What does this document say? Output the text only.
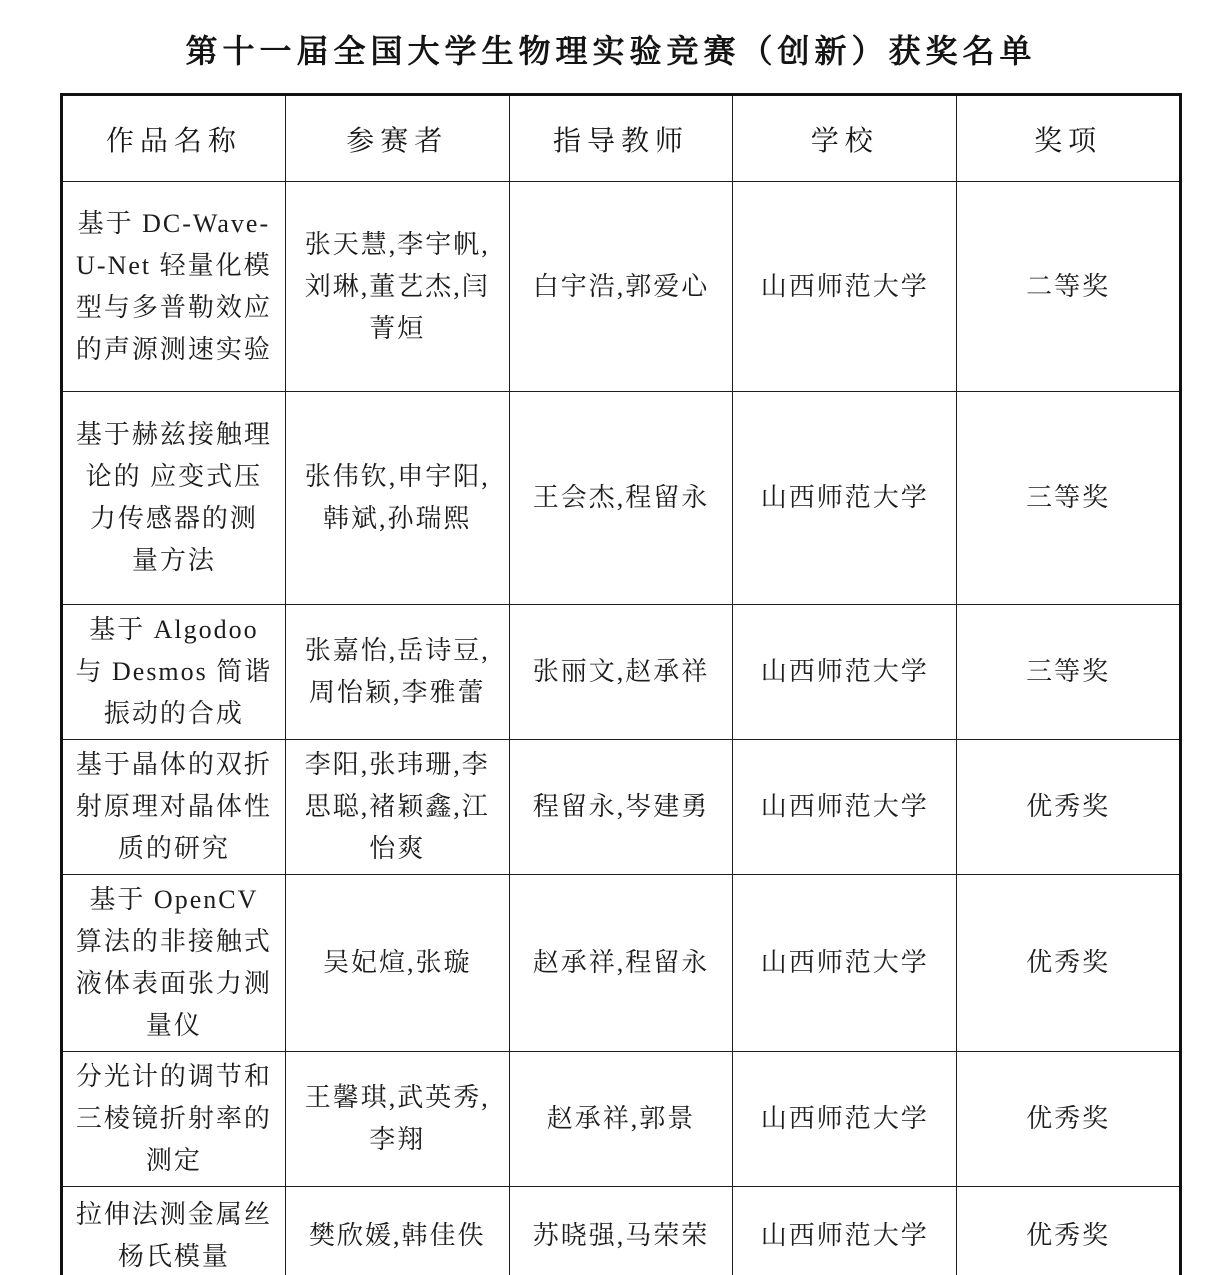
第十一届全国大学生物理实验竞赛（创新）获奖名单
作品名称	参赛者	指导教师	学校	奖项
基于 DC-Wave-U-Net 轻量化模型与多普勒效应的声源测速实验	张天慧,李宇帆,刘琳,董艺杰,闫菁烜	白宇浩,郭爱心	山西师范大学	二等奖
基于赫兹接触理论的 应变式压力传感器的测 量方法	张伟钦,申宇阳,韩斌,孙瑞熙	王会杰,程留永	山西师范大学	三等奖
基于 Algodoo 与 Desmos 简谐振动的合成	张嘉怡,岳诗豆,周怡颖,李雅蕾	张丽文,赵承祥	山西师范大学	三等奖
基于晶体的双折射原理对晶体性质的研究	李阳,张玮珊,李思聪,褚颖鑫,江怡爽	程留永,岑建勇	山西师范大学	优秀奖
基于 OpenCV 算法的非接触式液体表面张力测量仪	吴妃煊,张璇	赵承祥,程留永	山西师范大学	优秀奖
分光计的调节和三棱镜折射率的测定	王馨琪,武英秀,李翔	赵承祥,郭景	山西师范大学	优秀奖
拉伸法测金属丝杨氏模量	樊欣媛,韩佳佚	苏晓强,马荣荣	山西师范大学	优秀奖
